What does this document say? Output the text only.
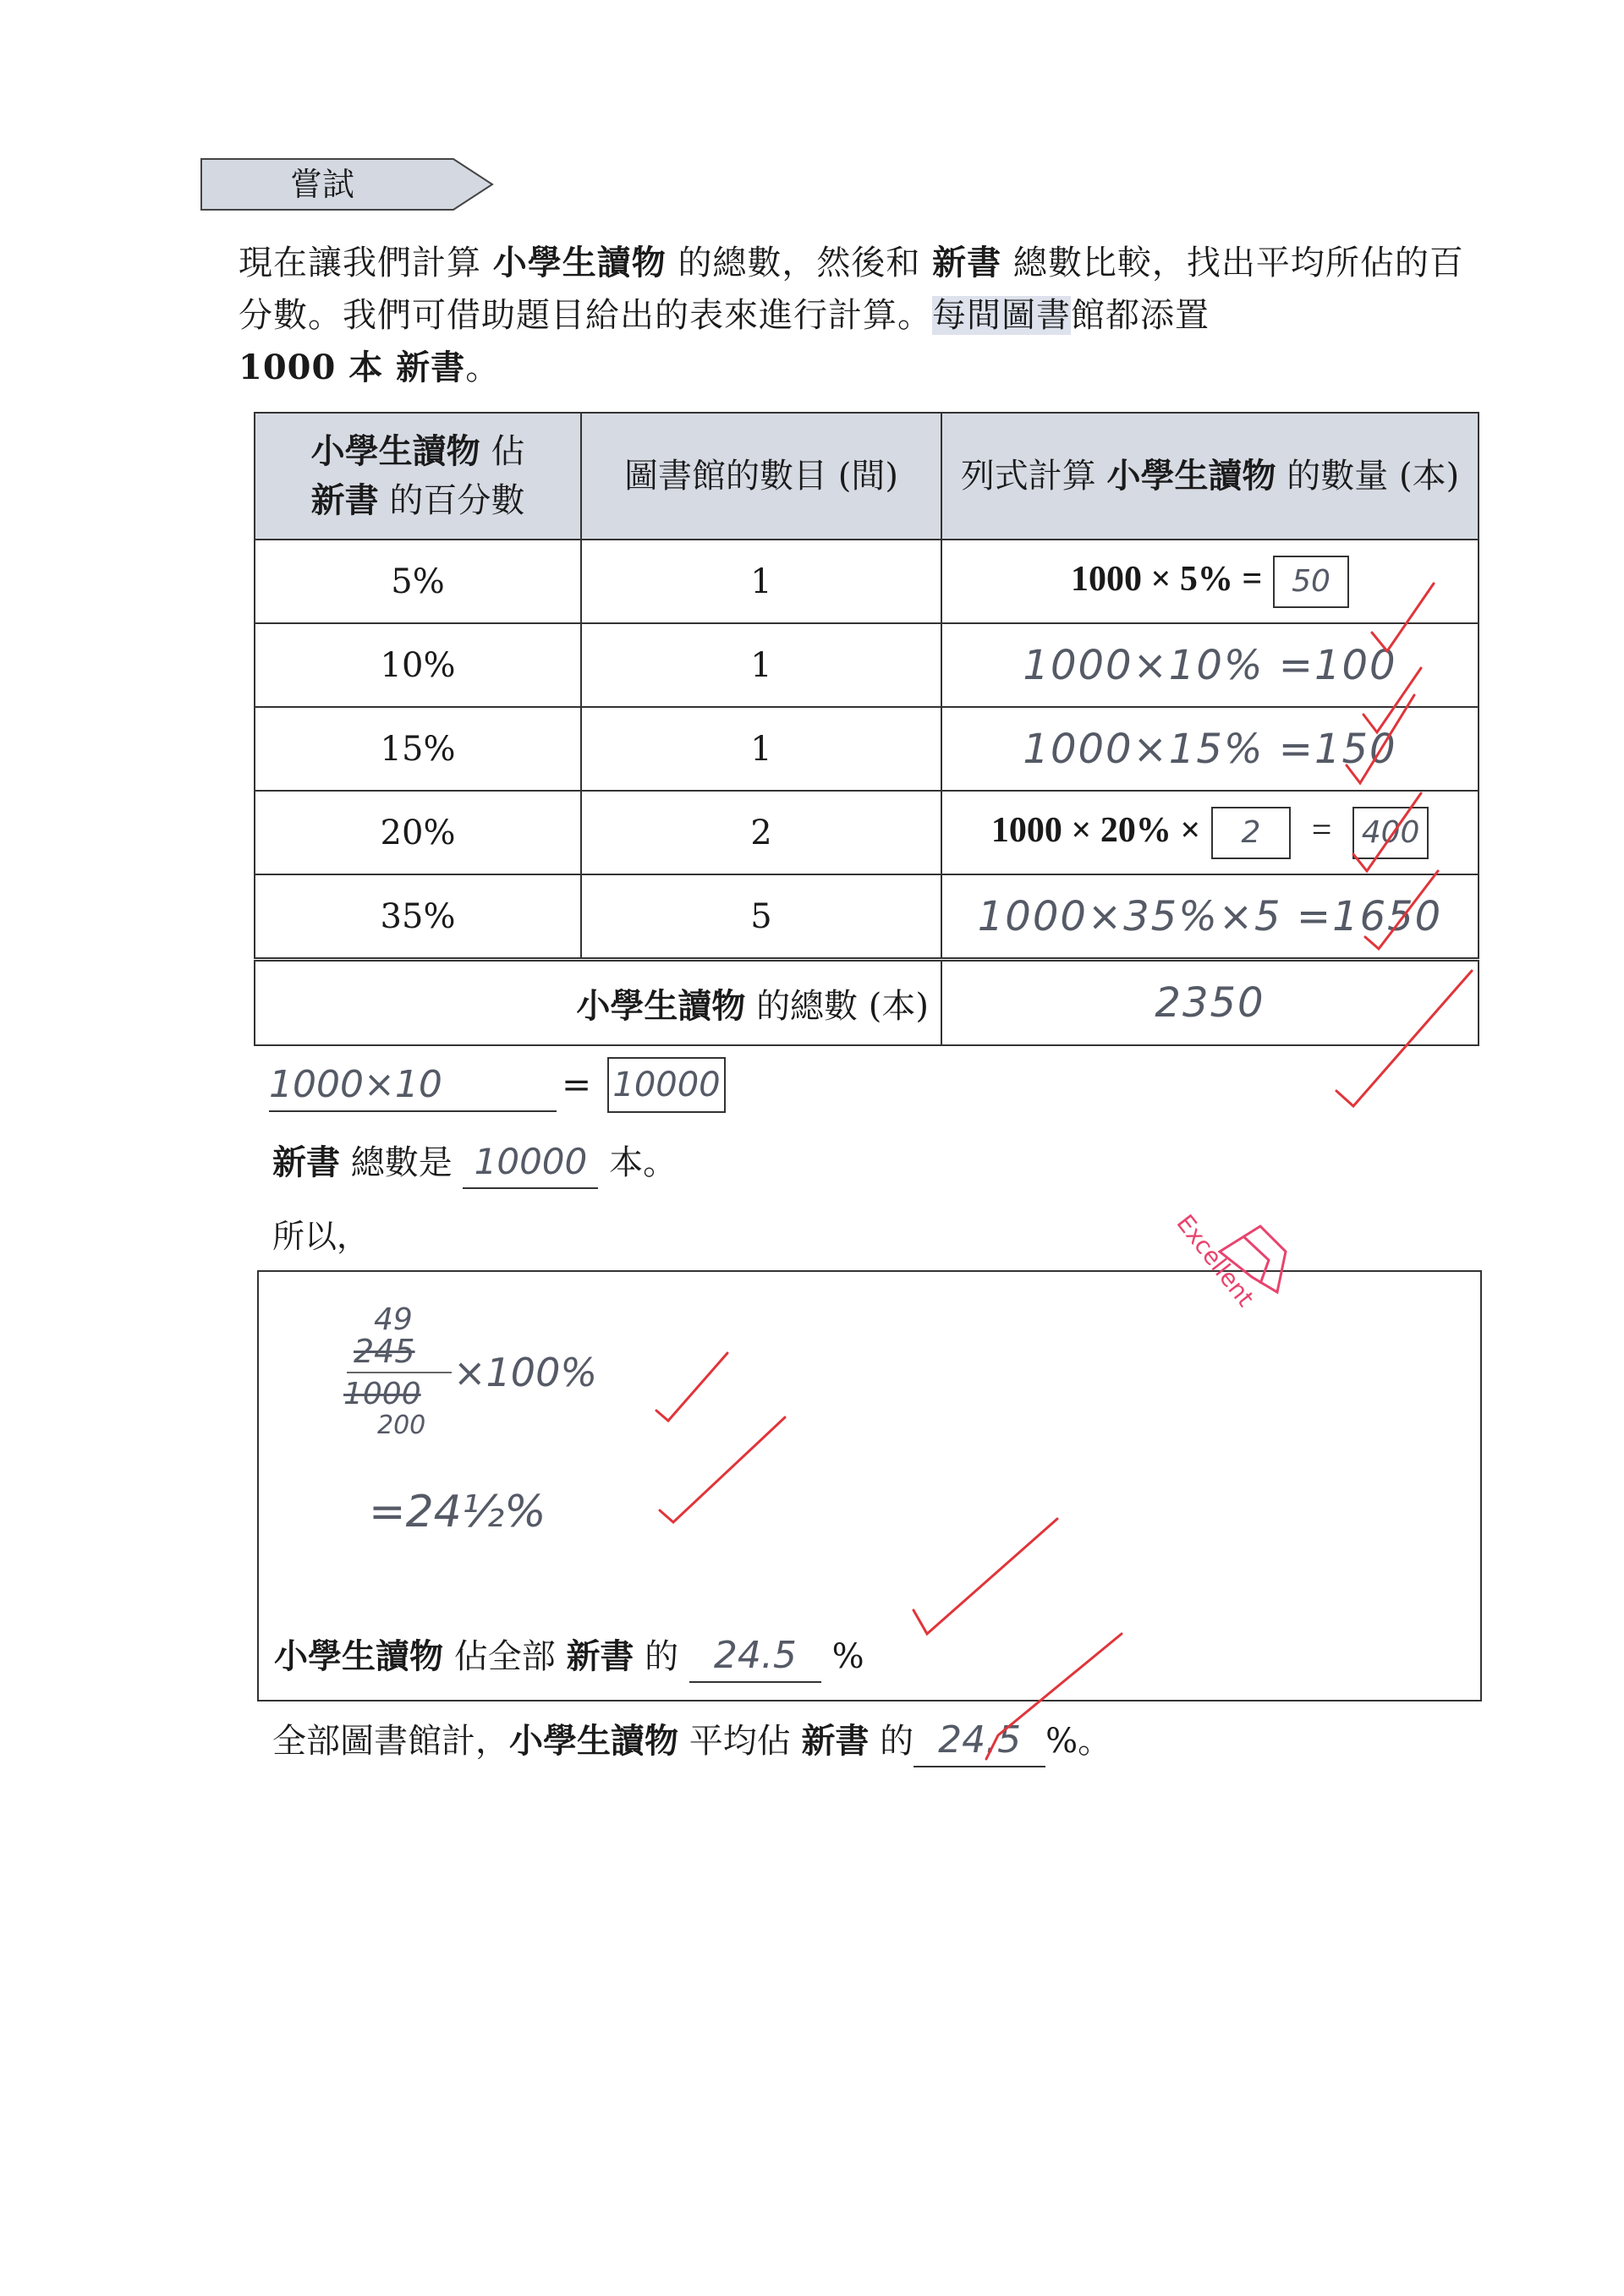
嘗試
現在讓我們計算 小學生讀物 的總數，然後和 新書 總數比較，找出平均所佔的百分數。我們可借助題目給出的表來進行計算。每間圖書館都添置
1000 本 新書。
小學生讀物 佔
新書 的百分數	圖書館的數目 (間)	列式計算 小學生讀物 的數量 (本)
5%	1	1000 × 5% = 50
10%	1	1000×10% =100
15%	1	1000×15% =150
20%	2	1000 × 20% × 2 = 400
35%	5	1000×35%×5 =1650
小學生讀物 的總數 (本)		2350
1000×10	= 10000
新書 總數是 10000 本。
所以，
49
245
1000
200
×100%
=24½%
小學生讀物 佔全部 新書 的 24.5 %
全部圖書館計，小學生讀物 平均佔 新書 的 24.5 %。
Excellent
